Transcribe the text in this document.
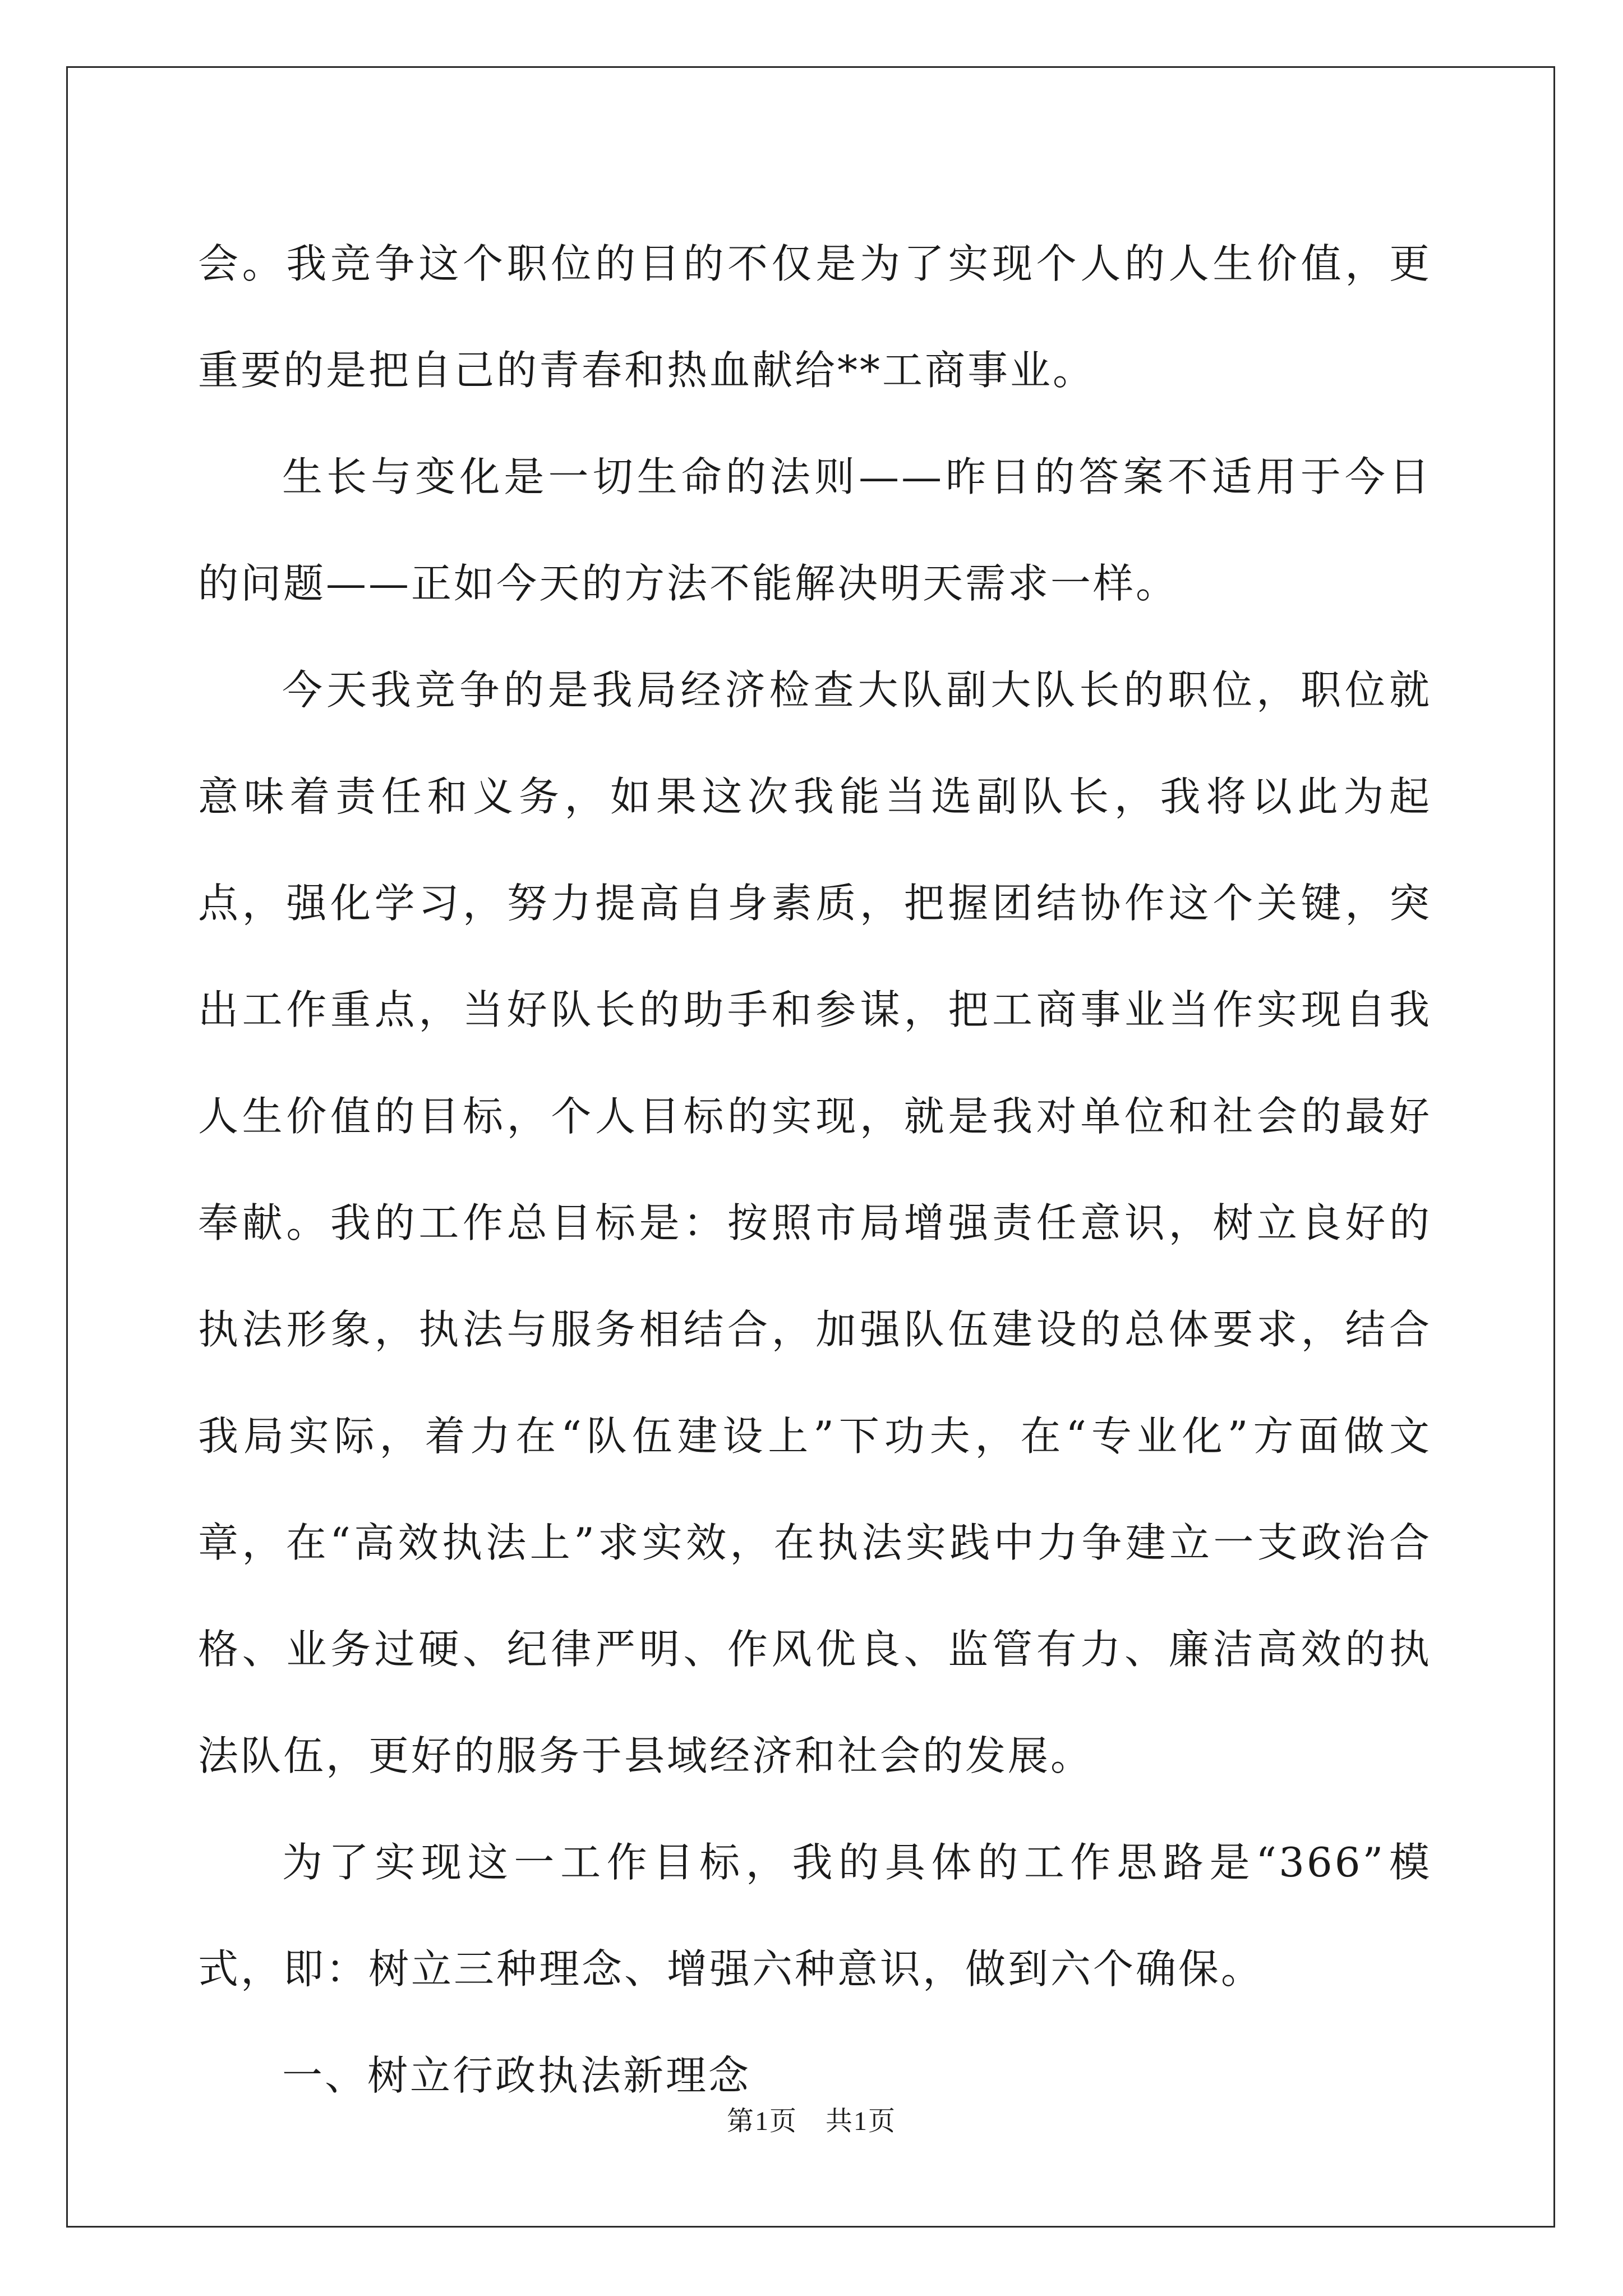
会。我竞争这个职位的目的不仅是为了实现个人的人生价值，更重要的是把自己的青春和热血献给**工商事业。

生长与变化是一切生命的法则——昨日的答案不适用于今日的问题——正如今天的方法不能解决明天需求一样。

今天我竞争的是我局经济检查大队副大队长的职位，职位就意味着责任和义务，如果这次我能当选副队长，我将以此为起点，强化学习，努力提高自身素质，把握团结协作这个关键，突出工作重点，当好队长的助手和参谋，把工商事业当作实现自我人生价值的目标，个人目标的实现，就是我对单位和社会的最好奉献。我的工作总目标是：按照市局增强责任意识，树立良好的执法形象，执法与服务相结合，加强队伍建设的总体要求，结合我局实际，着力在“队伍建设上”下功夫，在“专业化”方面做文章，在“高效执法上”求实效，在执法实践中力争建立一支政治合格、业务过硬、纪律严明、作风优良、监管有力、廉洁高效的执法队伍，更好的服务于县域经济和社会的发展。

为了实现这一工作目标，我的具体的工作思路是“366”模式，即：树立三种理念、增强六种意识，做到六个确保。

一、树立行政执法新理念

第1页　共1页
